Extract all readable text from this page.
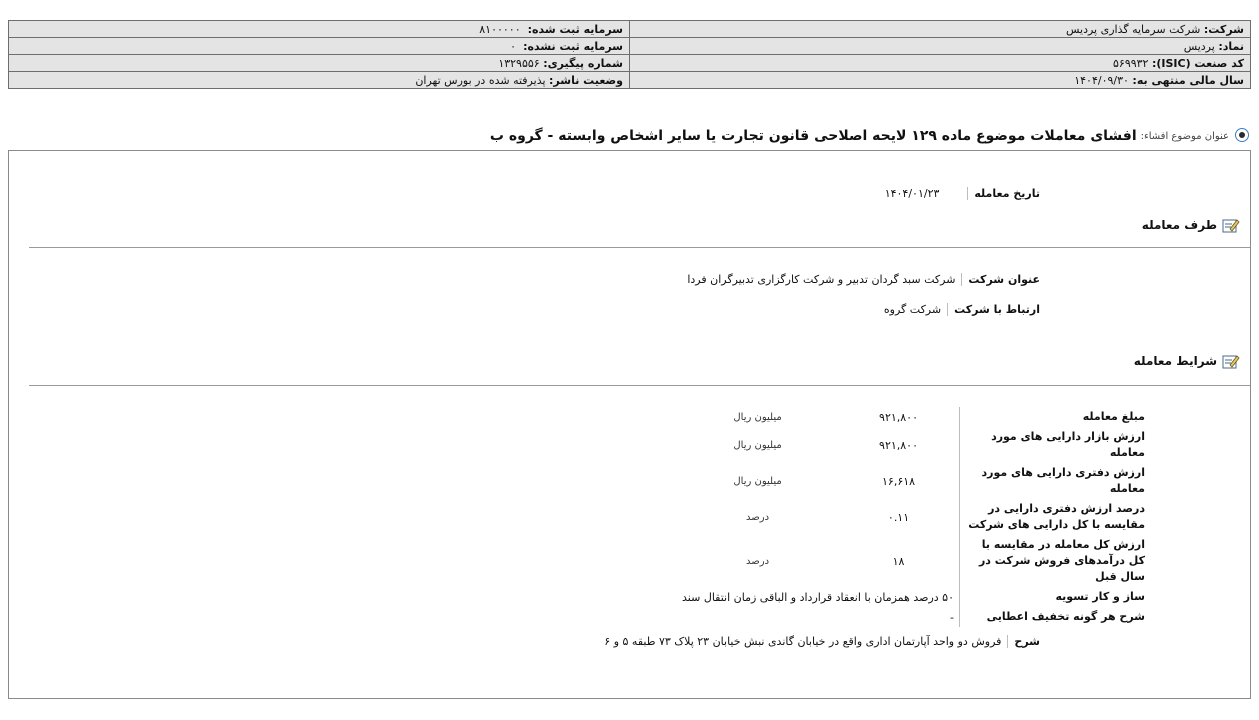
شرکت: شرکت سرمایه گذاری پردیس	سرمایه ثبت شده:  ۸۱۰۰۰۰۰
نماد: پردیس	سرمایه ثبت نشده:  ۰
کد صنعت (ISIC): ۵۶۹۹۳۲	شماره پیگیری: ۱۳۲۹۵۵۶
سال مالی منتهی به: ۱۴۰۴/۰۹/۳۰	وضعیت ناشر: پذیرفته شده در بورس تهران
عنوان موضوع افشاء:
افشای معاملات موضوع ماده ۱۲۹ لایحه اصلاحی قانون تجارت یا سایر اشخاص وابسته - گروه ب
تاریخ معامله
۱۴۰۴/۰۱/۲۳
طرف معامله
عنوان شرکت
شرکت سبد گردان تدبیر و شرکت کارگزاری تدبیرگران فردا
ارتباط با شرکت
شرکت گروه
شرایط معامله
مبلغ معامله	۹۲۱,۸۰۰	میلیون ریال
ارزش بازار دارایی های مورد معامله	۹۲۱,۸۰۰	میلیون ریال
ارزش دفتری دارایی های مورد معامله	۱۶,۶۱۸	میلیون ریال
درصد ارزش دفتری دارایی در مقایسه با کل دارایی های شرکت	۰.۱۱	درصد
ارزش کل معامله در مقایسه با کل درآمدهای فروش شرکت در سال قبل	۱۸	درصد
ساز و کار تسویه	۵۰ درصد همزمان با انعقاد قرارداد و الباقی زمان انتقال سند	
شرح هر گونه تخفیف اعطایی	-	
شرح
فروش دو واحد آپارتمان اداری واقع در خیابان گاندی نبش خیابان ۲۳ پلاک ۷۳ طبقه ۵ و ۶
